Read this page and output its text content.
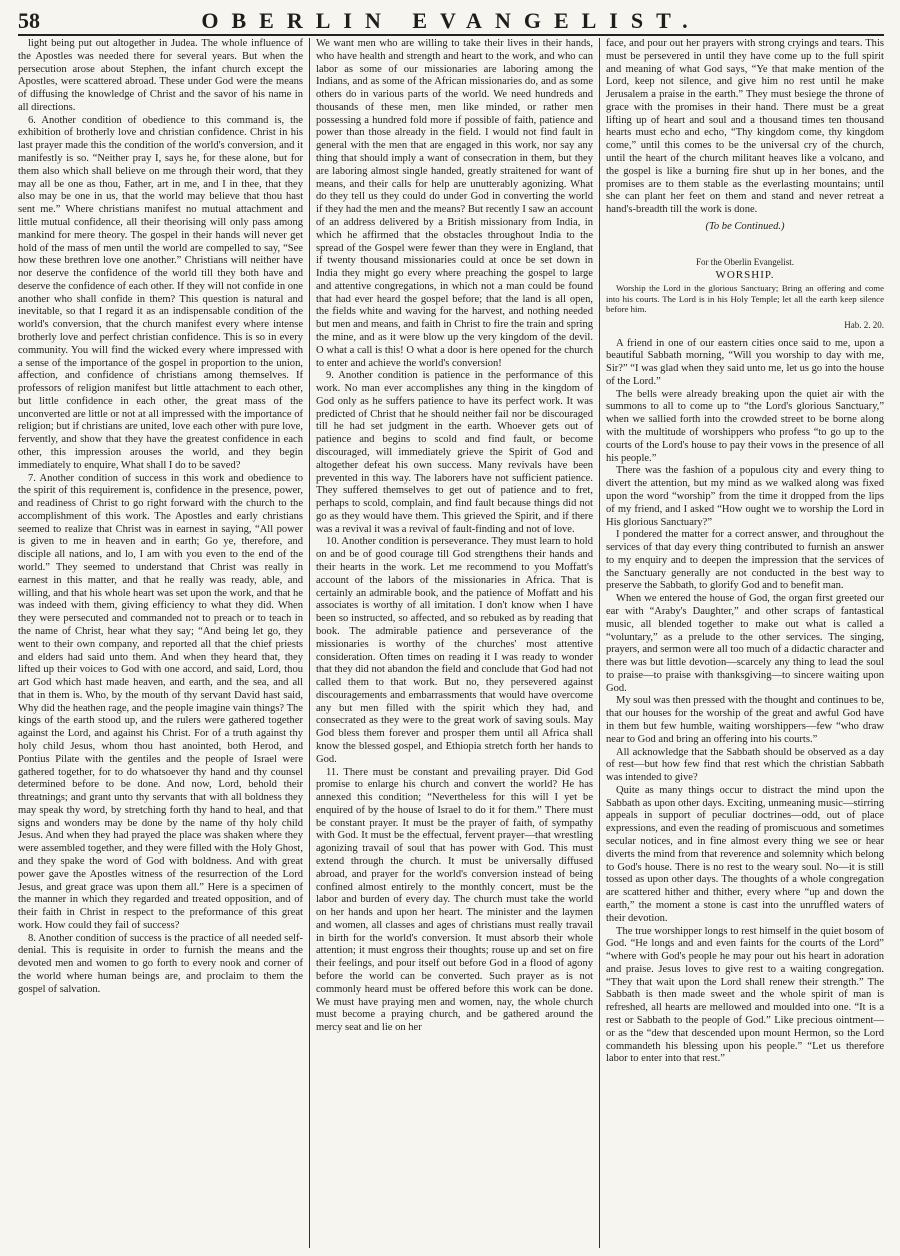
58	OBERLIN EVANGELIST.

light being put out altogether in Judea. The whole influence of the Apostles was needed there for several years. But when the persecution arose about Stephen, the infant church except the Apostles, were scattered abroad. These under God were the means of diffusing the knowledge of Christ and the savor of his name in all directions.

6. Another condition of obedience to this command is, the exhibition of brotherly love and christian confidence. Christ in his last prayer made this the condition of the world's conversion, and it manifestly is so. “Neither pray I, says he, for these alone, but for them also which shall believe on me through their word, that they may all be one as thou, Father, art in me, and I in thee, that they also may be one in us, that the world may believe that thou hast sent me.” Where christians manifest no mutual attachment and little mutual confidence, all their theorising will only pass among mankind for mere theory. The gospel in their hands will never get hold of the mass of men until the world are compelled to say, “See how these brethren love one another.” Christians will neither have nor deserve the confidence of the world till they both have and deserve the confidence of each other. If they will not confide in one another who shall confide in them? This question is natural and inevitable, so that I regard it as an indispensable condition of the world's conversion, that the church manifest every where intense brotherly love and perfect christian confidence. This is so in every community. You will find the wicked every where impressed with a sense of the importance of the gospel in proportion to the union, affection, and confidence of christians among themselves. If professors of religion manifest but little attachment to each other, but little confidence in each other, the great mass of the unconverted are little or not at all impressed with the importance of religion; but if christians are united, love each other with pure love, fervently, and show that they have the greatest confidence in each other, this impression arouses the world, and they begin immediately to enquire, What shall I do to be saved?

7. Another condition of success in this work and obedience to the spirit of this requirement is, confidence in the presence, power, and readiness of Christ to go right forward with the church to the accomplishment of this work. The Apostles and early christians seemed to realize that Christ was in earnest in saying, “All power is given to me in heaven and in earth; Go ye, therefore, and disciple all nations, and lo, I am with you even to the end of the world.” They seemed to understand that Christ was really in earnest in this matter, and that he really was ready, able, and willing, and that his whole heart was set upon the work, and that he was indeed with them, giving efficiency to what they did. When they were persecuted and commanded not to preach or to teach in the name of Christ, hear what they say; “And being let go, they went to their own company, and reported all that the chief priests and elders had said unto them. And when they heard that, they lifted up their voices to God with one accord, and said, Lord, thou art God which hast made heaven, and earth, and the sea, and all that in them is. Who, by the mouth of thy servant David hast said, Why did the heathen rage, and the people imagine vain things? The kings of the earth stood up, and the rulers were gathered together against the Lord, and against his Christ. For of a truth against thy holy child Jesus, whom thou hast anointed, both Herod, and Pontius Pilate with the gentiles and the people of Israel were gathered together, for to do whatsoever thy hand and thy counsel determined before to be done. And now, Lord, behold their threatnings; and grant unto thy servants that with all boldness they may speak thy word, by stretching forth thy hand to heal, and that signs and wonders may be done by the name of thy holy child Jesus. And when they had prayed the place was shaken where they were assembled together, and they were filled with the Holy Ghost, and they spake the word of God with boldness. And with great power gave the Apostles witness of the resurrection of the Lord Jesus, and great grace was upon them all.” Here is a specimen of the manner in which they regarded and treated opposition, and of their faith in Christ in respect to the preformance of this great work. How could they fail of success?

8. Another condition of success is the practice of all needed self-denial. This is requisite in order to furnish the means and the devoted men and women to go forth to every nook and corner of the world where human beings are, and proclaim to them the gospel of salvation.

We want men who are willing to take their lives in their hands, who have health and strength and heart to the work, and who can labor as some of our missionaries are laboring among the Indians, and as some of the African missionaries do, and as some others do in various parts of the world. We need hundreds and thousands of these men, men like minded, or rather men possessing a hundred fold more if possible of faith, patience and power than those already in the field. I would not find fault in general with the men that are engaged in this work, nor say any thing that should imply a want of consecration in them, but they are laboring almost single handed, greatly straitened for want of means, and their calls for help are unutterably agonizing. What do they tell us they could do under God in converting the world if they had the men and the means? But recently I saw an account of an address delivered by a British missionary from India, in which he affirmed that the obstacles throughout India to the spread of the Gospel were fewer than they were in England, that if twenty thousand missionaries could at once be set down in India they might go every where preaching the gospel to large and attentive congregations, in which not a man could be found that had ever heard the gospel before; that the land is all open, the fields white and waving for the harvest, and nothing needed but men and means, and faith in Christ to fire the train and spring the mine, and as it were blow up the very kingdom of the devil. O what a call is this! O what a door is here opened for the church to enter and achieve the world's conversion!

9. Another condition is patience in the performance of this work. No man ever accomplishes any thing in the kingdom of God only as he suffers patience to have its perfect work. It was predicted of Christ that he should neither fail nor be discouraged till he had set judgment in the earth. Whoever gets out of patience and begins to scold and find fault, or become discouraged, will immediately grieve the Spirit of God and altogether defeat his own success. Many revivals have been prevented in this way. The laborers have not sufficient patience. They suffered themselves to get out of patience and to fret, perhaps to scold, complain, and find fault because things did not go as they would have them. This grieved the Spirit, and if there was a revival it was a revival of fault-finding and not of love.

10. Another condition is perseverance. They must learn to hold on and be of good courage till God strengthens their hands and their hearts in the work. Let me recommend to you Moffatt's account of the labors of the missionaries in Africa. That is certainly an admirable book, and the patience of Moffatt and his associates is worthy of all imitation. I don't know when I have been so instructed, so affected, and so rebuked as by reading that book. The admirable patience and perseverance of the missionaries is worthy of the churches' most attentive consideration. Often times on reading it I was ready to wonder that they did not abandon the field and conclude that God had not called them to that work. But no, they persevered against discouragements and embarrassments that would have overcome any but men filled with the spirit which they had, and consecrated as they were to the great work of saving souls. May God bless them forever and prosper them until all Africa shall know the blessed gospel, and Ethiopia stretch forth her hands to God.

11. There must be constant and prevailing prayer. Did God promise to enlarge his church and convert the world? He has annexed this condition; “Nevertheless for this will I yet be enquired of by the house of Israel to do it for them.” There must be constant prayer. It must be the prayer of faith, of sympathy with God. It must be the effectual, fervent prayer—that wrestling agonizing travail of soul that has power with God. This must extend through the church. It must be universally diffused abroad, and prayer for the world's conversion instead of being confined almost entirely to the monthly concert, must be the labor and burden of every day. The church must take the world on her hands and upon her heart. The minister and the laymen and women, all classes and ages of christians must really travail in birth for the world's conversion. It must absorb their whole attention; it must engross their thoughts; rouse up and set on fire their feelings, and pour itself out before God in a flood of agony before the world can be converted. Such prayer as is not commonly heard must be offered before this work can be done. We must have praying men and women, nay, the whole church must become a praying church, and be gathered around the mercy seat and lie on her

face, and pour out her prayers with strong cryings and tears. This must be persevered in until they have come up to the full spirit and meaning of what God says, “Ye that make mention of the Lord, keep not silence, and give him no rest until he make Jerusalem a praise in the earth.” They must besiege the throne of grace with the promises in their hand. There must be a great lifting up of heart and soul and a thousand times ten thousand hearts must echo and echo, “Thy kingdom come, thy kingdom come,” until this comes to be the universal cry of the church, until the heart of the church militant heaves like a volcano, and the gospel is like a burning fire shut up in her bones, and the promises are to them stable as the everlasting mountains; until she can plant her feet on them and stand and never retreat a hand's-breadth till the work is done.

(To be Continued.)

For the Oberlin Evangelist.

WORSHIP.

Worship the Lord in the glorious Sanctuary; Bring an offering and come into his courts. The Lord is in his Holy Temple; let all the earth keep silence before him.

Hab. 2. 20.

A friend in one of our eastern cities once said to me, upon a beautiful Sabbath morning, “Will you worship to day with me, Sir?” “I was glad when they said unto me, let us go into the house of the Lord.”

The bells were already breaking upon the quiet air with the summons to all to come up to “the Lord's glorious Sanctuary,” when we sallied forth into the crowded street to be borne along with the multitude of worshippers who profess “to go up to the courts of the Lord's house to pay their vows in the presence of all his people.”

There was the fashion of a populous city and every thing to divert the attention, but my mind as we walked along was fixed upon the word “worship” from the time it dropped from the lips of my friend, and I asked “How ought we to worship the Lord in His glorious Sanctuary?”

I pondered the matter for a correct answer, and throughout the services of that day every thing contributed to furnish an answer to my enquiry and to deepen the impression that the services of the Sanctuary generally are not conducted in the best way to preserve the Sabbath, to glorify God and to benefit man.

When we entered the house of God, the organ first greeted our ear with “Araby's Daughter,” and other scraps of fantastical music, all blended together to make out what is called a “voluntary,” as a prelude to the other services. The singing, prayers, and sermon were all too much of a didactic character and there was but little devotion—scarcely any thing to lead the soul to praise—to praise with thanksgiving—to sincere waiting upon God.

My soul was then pressed with the thought and continues to be, that our houses for the worship of the great and awful God have in them but few humble, waiting worshippers—few “who draw near to God and bring an offering into his courts.”

All acknowledge that the Sabbath should be observed as a day of rest—but how few find that rest which the christian Sabbath was intended to give?

Quite as many things occur to distract the mind upon the Sabbath as upon other days. Exciting, unmeaning music—stirring appeals in support of peculiar doctrines—odd, out of place expressions, and even the reading of promiscuous and sometimes secular notices, and in fine almost every thing we see or hear diverts the mind from that reverence and solemnity which belong to God's house. There is no rest to the weary soul. No—it is still tossed as upon other days. The thoughts of a whole congregation are scattered hither and thither, every where “up and down the earth,” the moment a stone is cast into the unruffled waters of their devotion.

The true worshipper longs to rest himself in the quiet bosom of God. “He longs and and even faints for the courts of the Lord” “where with God's people he may pour out his heart in adoration and praise. Jesus loves to give rest to a waiting congregation. “They that wait upon the Lord shall renew their strength.” The Sabbath is then made sweet and the whole spirit of man is refreshed, all hearts are mellowed and moulded into one. “It is a rest or Sabbath to the people of God.” Like precious ointment—or as the “dew that descended upon mount Hermon, so the Lord commandeth his blessing upon his people.” “Let us therefore labor to enter into that rest.”
